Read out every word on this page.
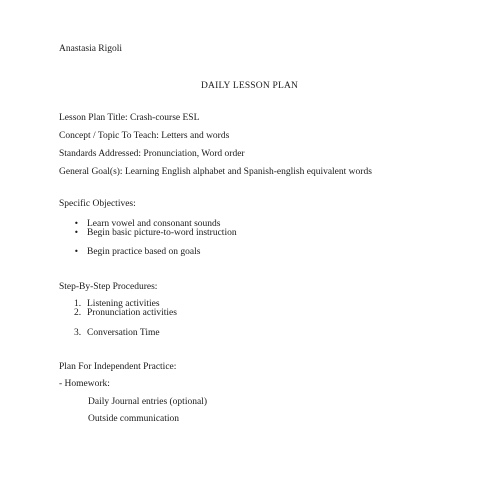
Anastasia Rigoli
DAILY LESSON PLAN
Lesson Plan Title: Crash-course ESL
Concept / Topic To Teach: Letters and words
Standards Addressed: Pronunciation, Word order
General Goal(s): Learning English alphabet and Spanish-english equivalent words
Specific Objectives:
• Learn vowel and consonant sounds
• Begin basic picture-to-word instruction
• Begin practice based on goals
Step-By-Step Procedures:
1. Listening activities
2. Pronunciation activities
3. Conversation Time
Plan For Independent Practice:
- Homework:
Daily Journal entries (optional)
Outside communication
